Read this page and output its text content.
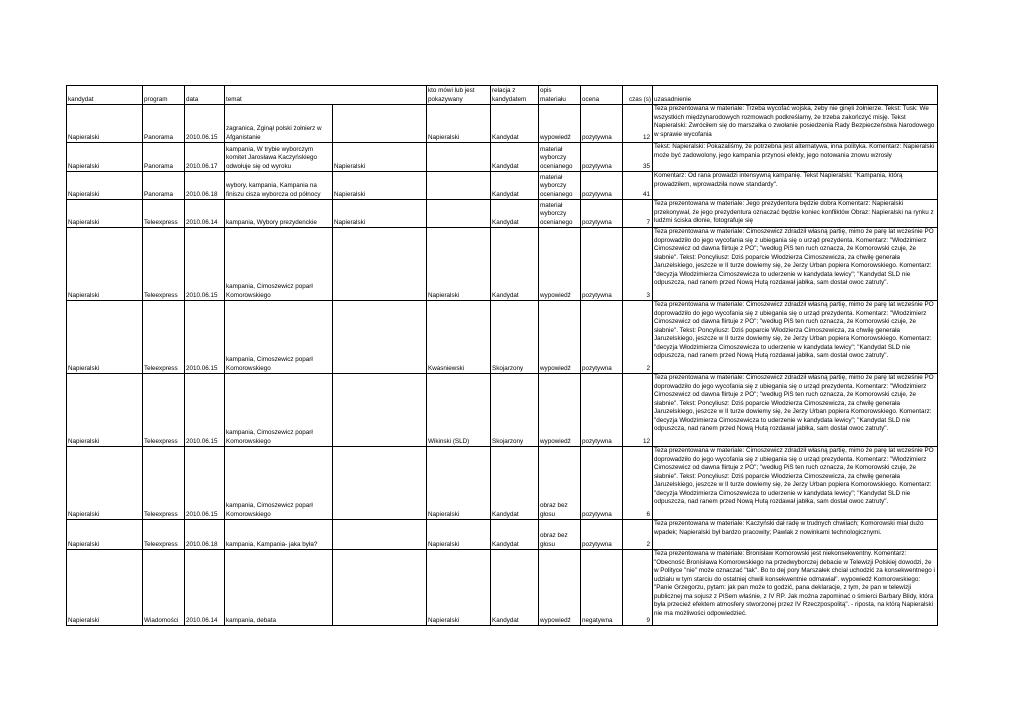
kandydat	program	data	temat		kto mówi lub jest pokazywany	relacja z kandydatem	opis materiału	ocena	czas (s)	uzasadnienie
Napieralski	Panorama	2010.06.15	zagranica, Zginął polski żołnierz w Afganistanie		Napieralski	Kandydat	wypowiedź	pozytywna	12	Teza prezentowana w materiale: Trzeba wycofać wojska, żeby nie ginęli żołnierze. Tekst: Tusk: We wszystkich międzynarodowych rozmowach podkreślamy, że trzeba zakończyć misję. Tekst Napieralski: Zwróciłem się do marszałka o zwołanie posiedzenia Rady Bezpieczeństwa Narodowego w sprawie wycofania
Napieralski	Panorama	2010.06.17	kampania, W trybie wyborczym komitet Jarosława Kaczyńskiego odwołuje się od wyroku	Napieralski		Kandydat	materiał wyborczy ocenianego	pozytywna	35	Tekst: Napieralski: Pokazaliśmy, że potrzebna jest alternatywa, inna polityka. Komentarz: Napieralski może być zadowolony, jego kampania przynosi efekty, jego notowania znowu wzrosły
Napieralski	Panorama	2010.06.18	wybory, kampania, Kampania na finiszu cisza wyborcza od północy	Napieralski		Kandydat	materiał wyborczy ocenianego	pozytywna	41	Komentarz: Od rana prowadzi intensywną kampanię. Tekst Napieralski: "Kampania, którą prowadziłem, wprowadziła nowe standardy".
Napieralski	Teleexpress	2010.06.14	kampania, Wybory prezydenckie	Napieralski		Kandydat	materiał wyborczy ocenianego	pozytywna	7	Teza prezentowana w materiale: Jego prezydentura będzie dobra Komentarz: Napieralski przekonywał, że jego prezydentura oznaczać będzie koniec konfliktów Obraz: Napieralski na rynku z ludźmi ściska dłonie, fotografuje się
Napieralski	Teleexpress	2010.06.15	kampania, Cimoszewicz poparł Komorowskiego		Napieralski	Kandydat	wypowiedź	pozytywna	3	Teza prezentowana w materiale: Cimoszewicz zdradził własną partię, mimo że parę lat wcześnie PO doprowadziło do jego wycofania się z ubiegania się o urząd prezydenta. Komentarz: "Włodzimierz Cimoszewicz od dawna flirtuje z PO"; "według PiS ten ruch oznacza, że Komorowski czuje, że słabnie". Tekst: Poncyliusz: Dziś poparcie Włodzierza Cimoszewicza, za chwilę generała Jaruzelskiego, jeszcze w II turze dowiemy się, że Jerzy Urban popiera Komorowskiego. Komentarz: "decyzja Włodzimierza Cimoszewicza to uderzenie w kandydata lewicy"; "Kandydat SLD nie odpuszcza, nad ranem przed Nową Hutą rozdawał jabłka, sam dostał owoc zatruty".
Napieralski	Teleexpress	2010.06.15	kampania, Cimoszewicz poparł Komorowskiego		Kwasniewski	Skojarzony	wypowiedź	pozytywna	2	Teza prezentowana w materiale: Cimoszewicz zdradził własną partię, mimo że parę lat wcześnie PO doprowadziło do jego wycofania się z ubiegania się o urząd prezydenta. Komentarz: "Włodzimierz Cimoszewicz od dawna flirtuje z PO"; "według PiS ten ruch oznacza, że Komorowski czuje, że słabnie". Tekst: Poncyliusz: Dziś poparcie Włodzierza Cimoszewicza, za chwilę generała Jaruzelskiego, jeszcze w II turze dowiemy się, że Jerzy Urban popiera Komorowskiego. Komentarz: "decyzja Włodzimierza Cimoszewicza to uderzenie w kandydata lewicy"; "Kandydat SLD nie odpuszcza, nad ranem przed Nową Hutą rozdawał jabłka, sam dostał owoc zatruty".
Napieralski	Teleexpress	2010.06.15	kampania, Cimoszewicz poparł Komorowskiego		Wikinski (SLD)	Skojarzony	wypowiedź	pozytywna	12	Teza prezentowana w materiale: Cimoszewicz zdradził własną partię, mimo że parę lat wcześnie PO doprowadziło do jego wycofania się z ubiegania się o urząd prezydenta. Komentarz: "Włodzimierz Cimoszewicz od dawna flirtuje z PO"; "według PiS ten ruch oznacza, że Komorowski czuje, że słabnie". Tekst: Poncyliusz: Dziś poparcie Włodzierza Cimoszewicza, za chwilę generała Jaruzelskiego, jeszcze w II turze dowiemy się, że Jerzy Urban popiera Komorowskiego. Komentarz: "decyzja Włodzimierza Cimoszewicza to uderzenie w kandydata lewicy"; "Kandydat SLD nie odpuszcza, nad ranem przed Nową Hutą rozdawał jabłka, sam dostał owoc zatruty".
Napieralski	Teleexpress	2010.06.15	kampania, Cimoszewicz poparł Komorowskiego		Napieralski	Kandydat	obraz bez głosu	pozytywna	6	Teza prezentowana w materiale: Cimoszewicz zdradził własną partię, mimo że parę lat wcześnie PO doprowadziło do jego wycofania się z ubiegania się o urząd prezydenta. Komentarz: "Włodzimierz Cimoszewicz od dawna flirtuje z PO"; "według PiS ten ruch oznacza, że Komorowski czuje, że słabnie". Tekst: Poncyliusz: Dziś poparcie Włodzierza Cimoszewicza, za chwilę generała Jaruzelskiego, jeszcze w II turze dowiemy się, że Jerzy Urban popiera Komorowskiego. Komentarz: "decyzja Włodzimierza Cimoszewicza to uderzenie w kandydata lewicy"; "Kandydat SLD nie odpuszcza, nad ranem przed Nową Hutą rozdawał jabłka, sam dostał owoc zatruty".
Napieralski	Teleexpress	2010.06.18	kampania, Kampania- jaka była?		Napieralski	Kandydat	obraz bez głosu	pozytywna	2	Teza prezentowana w materiale: Kaczyński dał radę w trudnych chwilach; Komorowski miał dużo wpadek; Napieralski był bardzo pracowity; Pawlak z nowinkami technologicznymi.
Napieralski	Wiadomości	2010.06.14	kampania, debata		Napieralski	Kandydat	wypowiedź	negatywna	9	Teza prezentowana w materiale: Bronisław Komorowski jest niekonsekwentny. Komentarz: "Obecność Bronisława Komorowskiego na przedwyborczej debacie w Telewizji Polskiej dowodzi, że w Polityce "nie" może oznaczać "tak". Bo to dej pory Marszałek chciał uchodzić za konsekwentnego i udziału w tym starciu do ostatniej chwili konsekwentnie odmawiał". wypowiedź Komorowskiego: "Panie Grzegorzu, pytam: jak pan może to godzić, pana deklaracje, z tym, że pan w telewizji publicznej ma sojusz z PiSem właśnie, z IV RP. Jak można zapominać o śmierci Barbary Blidy, która była przecież efektem atmosfery stworzonej przez IV Rzeczpospolitą". - riposta, na którą Napieralski nie ma możliwości odpowiedzieć.
